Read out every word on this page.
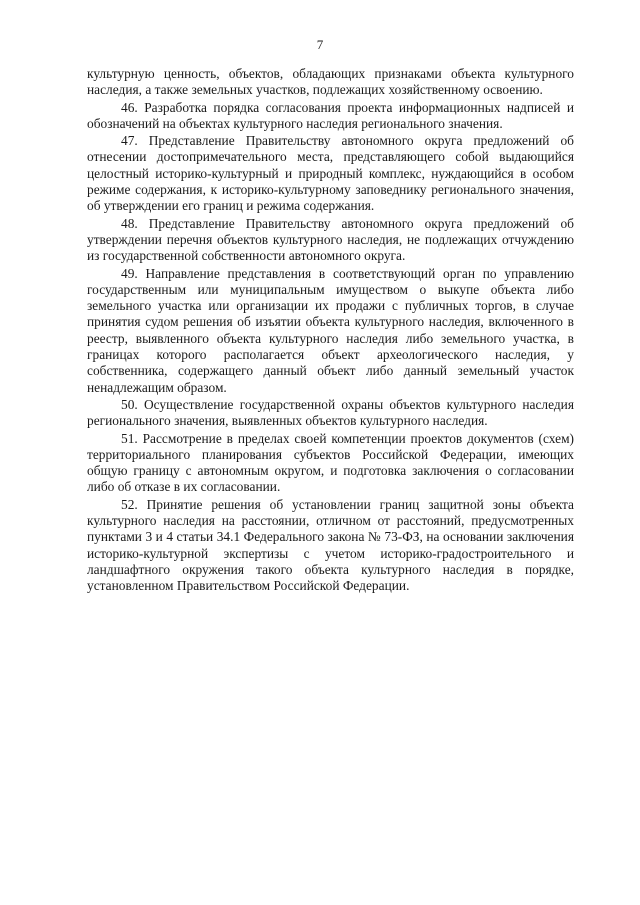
7

культурную ценность, объектов, обладающих признаками объекта культурного наследия, а также земельных участков, подлежащих хозяйственному освоению.

46. Разработка порядка согласования проекта информационных надписей и обозначений на объектах культурного наследия регионального значения.

47. Представление Правительству автономного округа предложений об отнесении достопримечательного места, представляющего собой выдающийся целостный историко-культурный и природный комплекс, нуждающийся в особом режиме содержания, к историко-культурному заповеднику регионального значения, об утверждении его границ и режима содержания.

48. Представление Правительству автономного округа предложений об утверждении перечня объектов культурного наследия, не подлежащих отчуждению из государственной собственности автономного округа.

49. Направление представления в соответствующий орган по управлению государственным или муниципальным имуществом о выкупе объекта либо земельного участка или организации их продажи с публичных торгов, в случае принятия судом решения об изъятии объекта культурного наследия, включенного в реестр, выявленного объекта культурного наследия либо земельного участка, в границах которого располагается объект археологического наследия, у собственника, содержащего данный объект либо данный земельный участок ненадлежащим образом.

50. Осуществление государственной охраны объектов культурного наследия регионального значения, выявленных объектов культурного наследия.

51. Рассмотрение в пределах своей компетенции проектов документов (схем) территориального планирования субъектов Российской Федерации, имеющих общую границу с автономным округом, и подготовка заключения о согласовании либо об отказе в их согласовании.

52. Принятие решения об установлении границ защитной зоны объекта культурного наследия на расстоянии, отличном от расстояний, предусмотренных пунктами 3 и 4 статьи 34.1 Федерального закона № 73-ФЗ, на основании заключения историко-культурной экспертизы с учетом историко-градостроительного и ландшафтного окружения такого объекта культурного наследия в порядке, установленном Правительством Российской Федерации.
